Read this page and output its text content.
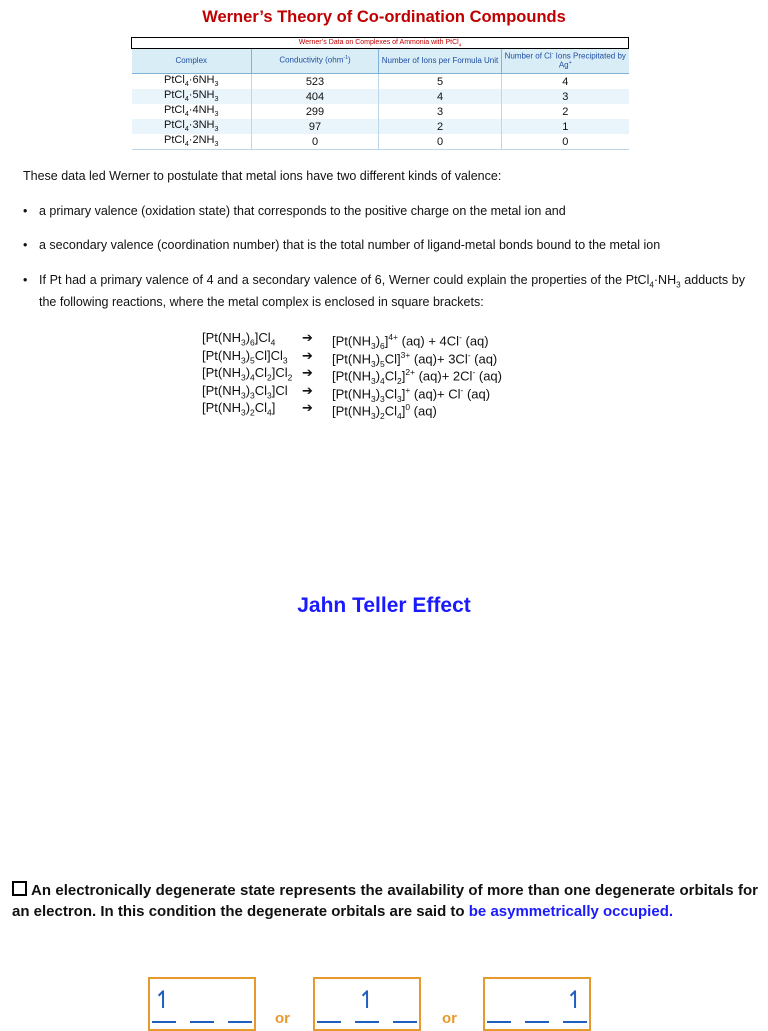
Werner’s Theory of Co-ordination Compounds
Werner’s Data on Complexes of Ammonia with PtCl$_4$
Complex	Conductivity (ohm$^{-1}$)	Number of Ions per Formula Unit	Number of Cl- Ions Precipitated by Ag+
$PtCl_4\cdot 6NH_3$	523	5	4
$PtCl_4\cdot 5NH_3$	404	4	3
$PtCl_4\cdot 4NH_3$	299	3	2
$PtCl_4\cdot 3NH_3$	97	2	1
$PtCl_4\cdot 2NH_3$	0	0	0
These data led Werner to postulate that metal ions have two different kinds of valence:
• a primary valence (oxidation state) that corresponds to the positive charge on the metal ion and
• a secondary valence (coordination number) that is the total number of ligand-metal bonds bound to the metal ion
• If Pt had a primary valence of 4 and a secondary valence of 6, Werner could explain the properties of the $PtCl_4\cdot NH_3$ adducts by the following reactions, where the metal complex is enclosed in square brackets:
$[Pt(NH_3)_6]Cl_4$ ➔ $[Pt(NH_3)_6]^{4+}$ (aq) + 4Cl- (aq)
$[Pt(NH_3)_5Cl]Cl_3$ ➔ $[Pt(NH_3)_5Cl]^{3+}$ (aq)+ 3Cl- (aq)
$[Pt(NH_3)_4Cl_2]Cl_2$ ➔ $[Pt(NH_3)_4Cl_2]^{2+}$ (aq)+ 2Cl- (aq)
$[Pt(NH_3)_3Cl_3]Cl$ ➔ $[Pt(NH_3)_3Cl_3]^+$ (aq)+ Cl- (aq)
$[Pt(NH_3)_2Cl_4]$ ➔ $[Pt(NH_3)_2Cl_4]^0$ (aq)
Jahn Teller Effect
An electronically degenerate state represents the availability of more than one degenerate orbitals for an electron. In this condition the degenerate orbitals are said to be asymmetrically occupied.
↿
or
↿
or
↿
